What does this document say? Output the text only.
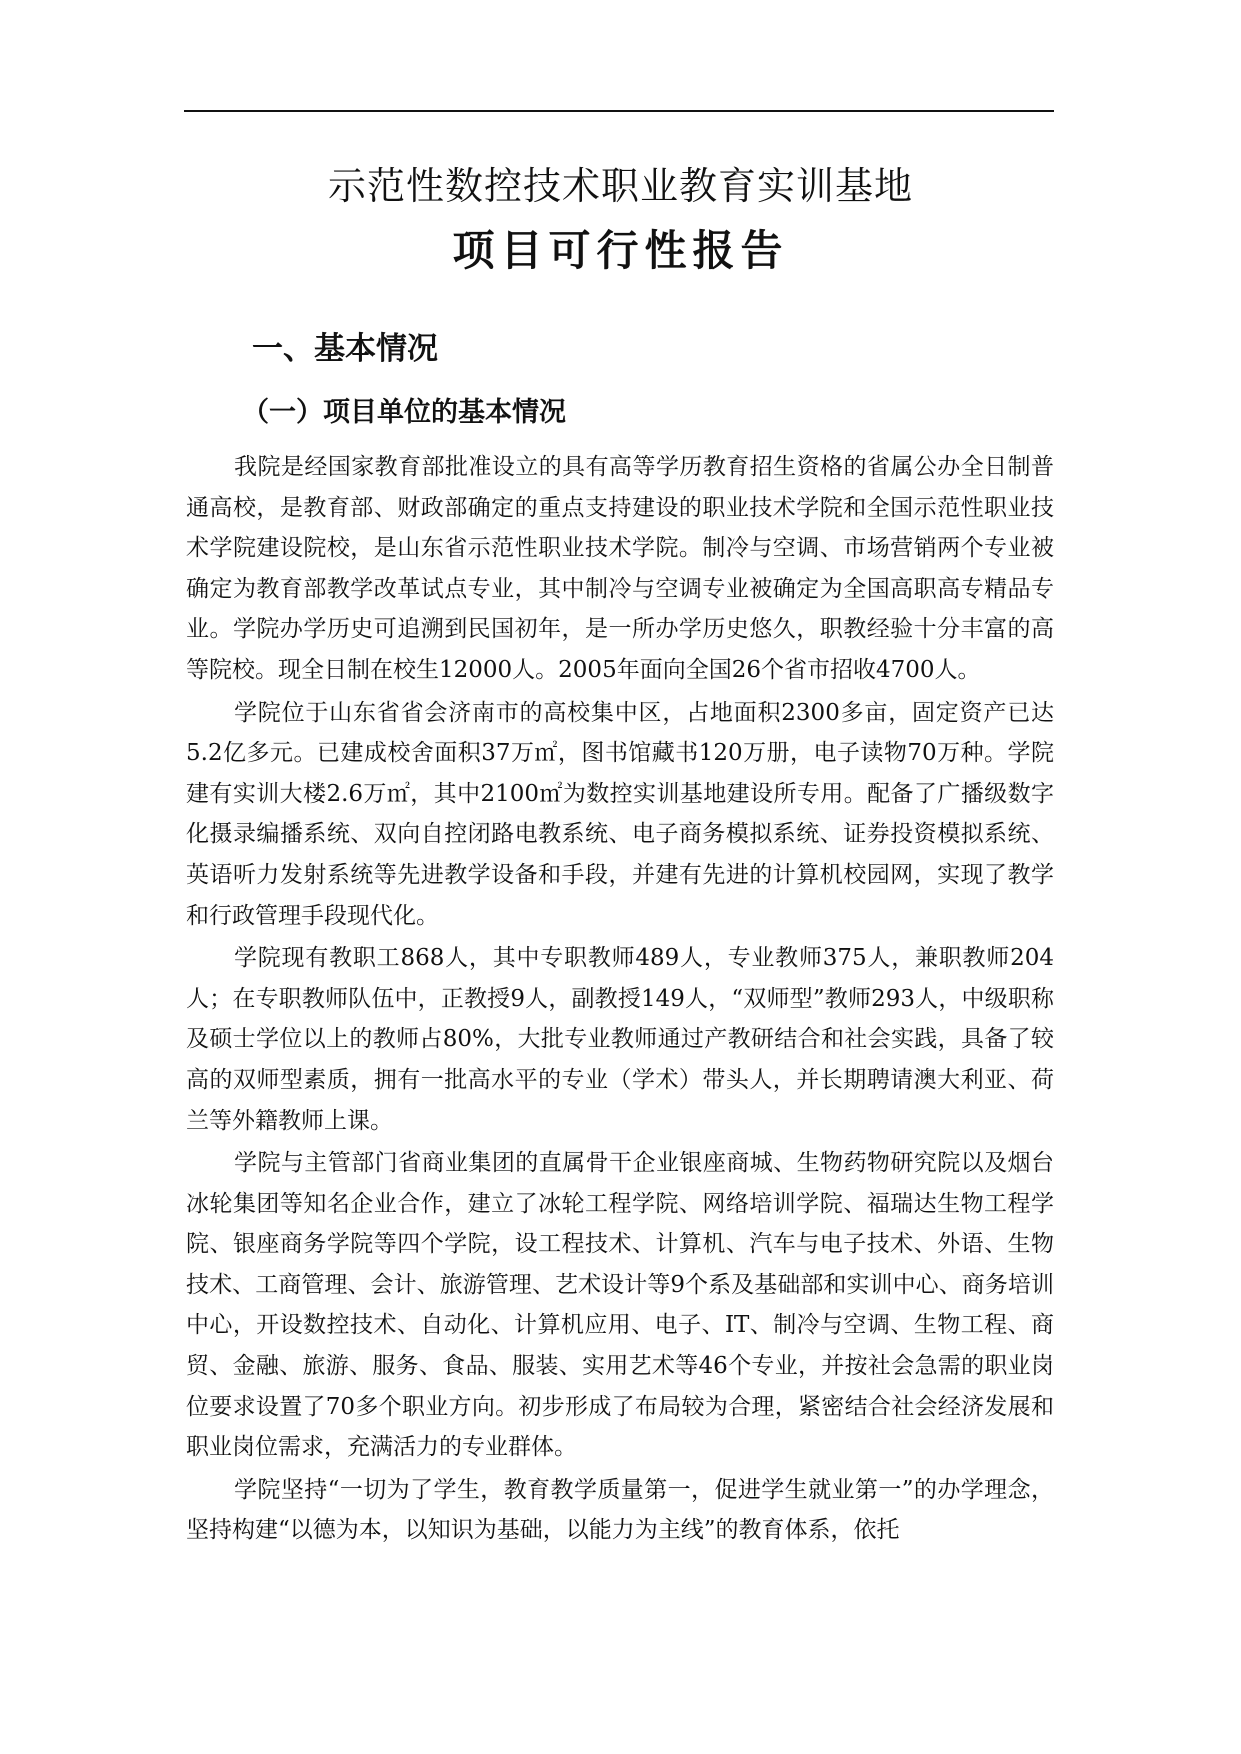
示范性数控技术职业教育实训基地
项目可行性报告
一、基本情况
（一）项目单位的基本情况

我院是经国家教育部批准设立的具有高等学历教育招生资格的省属公办全日制普通高校，是教育部、财政部确定的重点支持建设的职业技术学院和全国示范性职业技术学院建设院校，是山东省示范性职业技术学院。制冷与空调、市场营销两个专业被确定为教育部教学改革试点专业，其中制冷与空调专业被确定为全国高职高专精品专业。学院办学历史可追溯到民国初年，是一所办学历史悠久，职教经验十分丰富的高等院校。现全日制在校生12000人。2005年面向全国26个省市招收4700人。

学院位于山东省省会济南市的高校集中区，占地面积2300多亩，固定资产已达5.2亿多元。已建成校舍面积37万㎡，图书馆藏书120万册，电子读物70万种。学院建有实训大楼2.6万㎡，其中2100㎡为数控实训基地建设所专用。配备了广播级数字化摄录编播系统、双向自控闭路电教系统、电子商务模拟系统、证券投资模拟系统、英语听力发射系统等先进教学设备和手段，并建有先进的计算机校园网，实现了教学和行政管理手段现代化。

学院现有教职工868人，其中专职教师489人，专业教师375人，兼职教师204人；在专职教师队伍中，正教授9人，副教授149人，“双师型”教师293人，中级职称及硕士学位以上的教师占80%，大批专业教师通过产教研结合和社会实践，具备了较高的双师型素质，拥有一批高水平的专业（学术）带头人，并长期聘请澳大利亚、荷兰等外籍教师上课。

学院与主管部门省商业集团的直属骨干企业银座商城、生物药物研究院以及烟台冰轮集团等知名企业合作，建立了冰轮工程学院、网络培训学院、福瑞达生物工程学院、银座商务学院等四个学院，设工程技术、计算机、汽车与电子技术、外语、生物技术、工商管理、会计、旅游管理、艺术设计等9个系及基础部和实训中心、商务培训中心，开设数控技术、自动化、计算机应用、电子、IT、制冷与空调、生物工程、商贸、金融、旅游、服务、食品、服装、实用艺术等46个专业，并按社会急需的职业岗位要求设置了70多个职业方向。初步形成了布局较为合理，紧密结合社会经济发展和职业岗位需求，充满活力的专业群体。

学院坚持“一切为了学生，教育教学质量第一，促进学生就业第一”的办学理念，坚持构建“以德为本，以知识为基础，以能力为主线”的教育体系，依托
